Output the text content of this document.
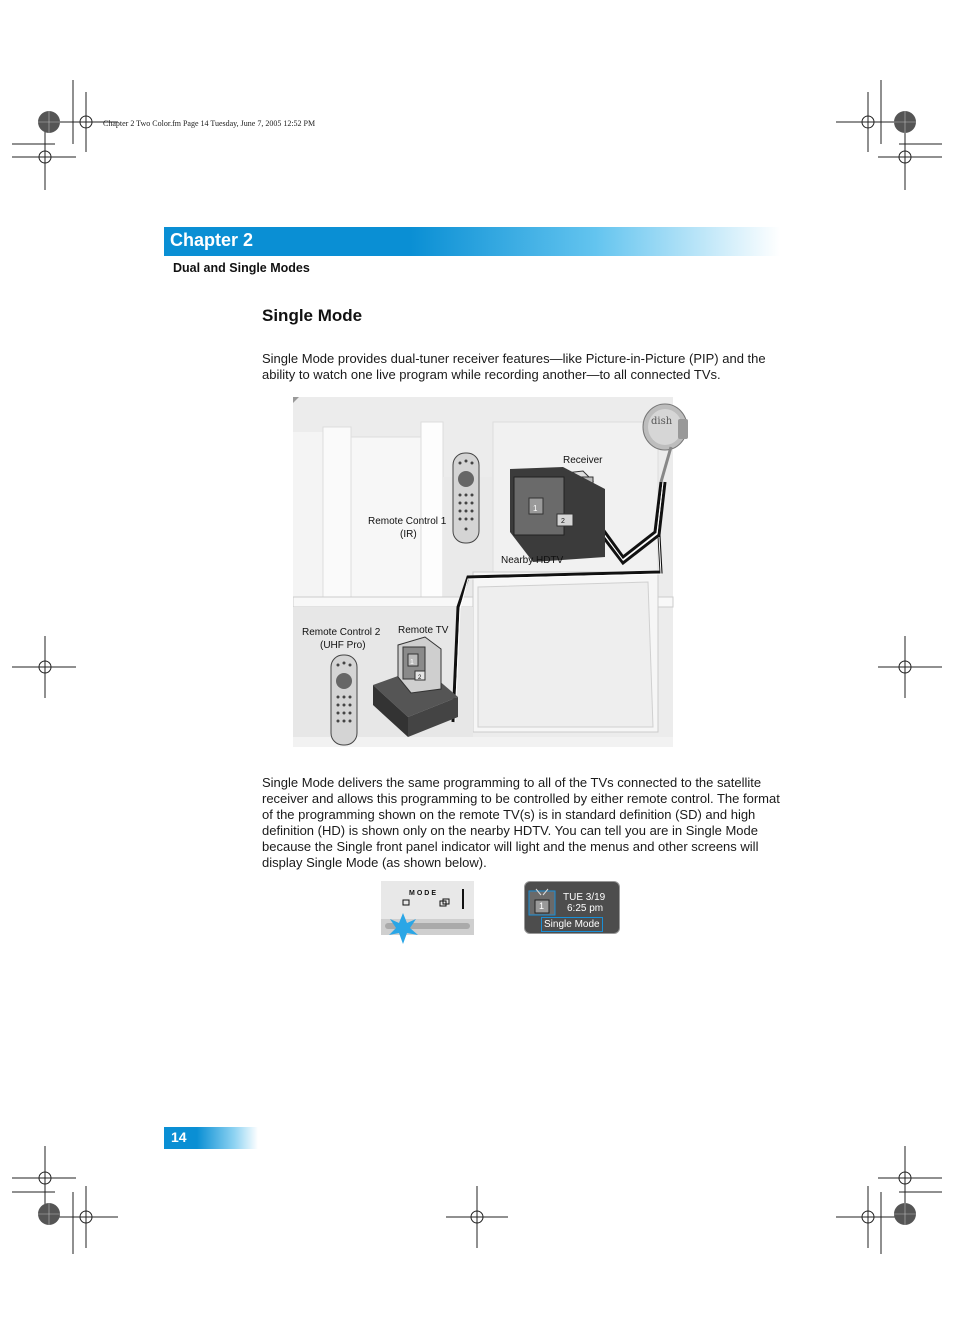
Chapter 2 Two Color.fm Page 14 Tuesday, June 7, 2005 12:52 PM
Chapter 2
Dual and Single Modes
Single Mode
Single Mode provides dual-tuner receiver features—like Picture-in-Picture (PIP) and the ability to watch one live program while recording another—to all connected TVs.
dish
1
2
1
2
Receiver
Remote Control 1
(IR)
Nearby HDTV
Remote Control 2
(UHF Pro)
Remote TV
Single Mode delivers the same programming to all of the TVs connected to the satellite receiver and allows this programming to be controlled by either remote control. The format of the programming shown on the remote TV(s) is in standard definition (SD) and high definition (HD) is shown only on the nearby HDTV. You can tell you are in Single Mode because the Single front panel indicator will light and the menus and other screens will display Single Mode (as shown below).
MODE
1
TUE 3/19
6:25 pm
Single Mode
14
